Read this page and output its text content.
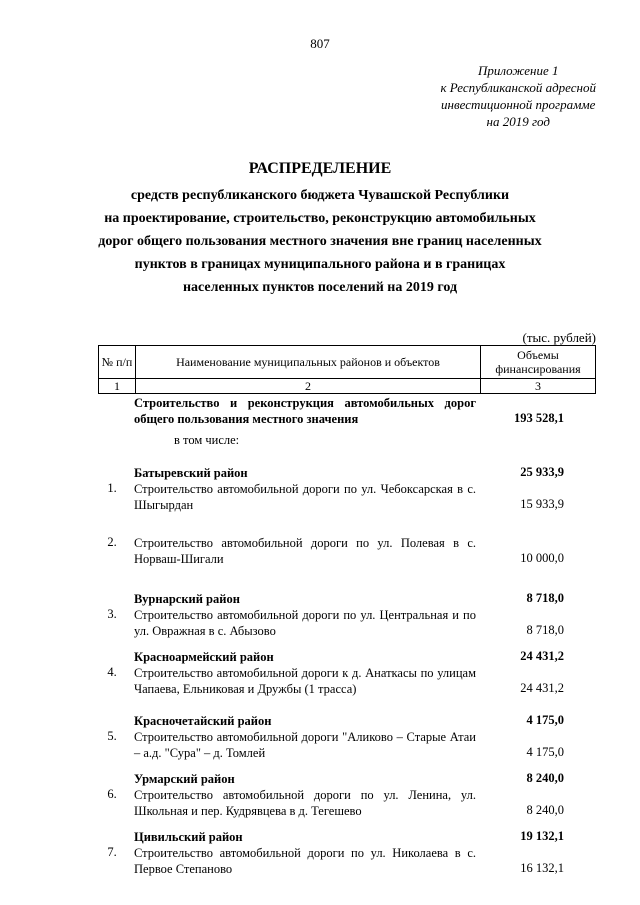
807
Приложение 1
к Республиканской адресной
инвестиционной программе
на 2019 год
РАСПРЕДЕЛЕНИЕ
средств республиканского бюджета Чувашской Республики
на проектирование, строительство, реконструкцию автомобильных
дорог общего пользования местного значения вне границ населенных
пунктов в границах муниципального района и в границах
населенных пунктов поселений на 2019 год
(тыс. рублей)
№ п/п	Наименование муниципальных районов и объектов	Объемы финансирования
1	2	3
Строительство и реконструкция автомобильных дорог общего пользования местного значения	193 528,1
в том числе:
Батыревский район	25 933,9
1.	Строительство автомобильной дороги по ул. Чебоксарская в с. Шыгырдан	15 933,9
2.	Строительство автомобильной дороги по ул. Полевая в с. Норваш-Шигали	10 000,0
Вурнарский район	8 718,0
3.	Строительство автомобильной дороги по ул. Центральная и по ул. Овражная в с. Абызово	8 718,0
Красноармейский район	24 431,2
4.	Строительство автомобильной дороги к д. Анаткасы по улицам Чапаева, Ельниковая и Дружбы (1 трасса)	24 431,2
Красночетайский район	4 175,0
5.	Строительство автомобильной дороги "Аликово – Старые Атаи – а.д. "Сура" – д. Томлей	4 175,0
Урмарский район	8 240,0
6.	Строительство автомобильной дороги по ул. Ленина, ул. Школьная и пер. Кудрявцева в д. Тегешево	8 240,0
Цивильский район	19 132,1
7.	Строительство автомобильной дороги по ул. Николаева в с. Первое Степаново	16 132,1
